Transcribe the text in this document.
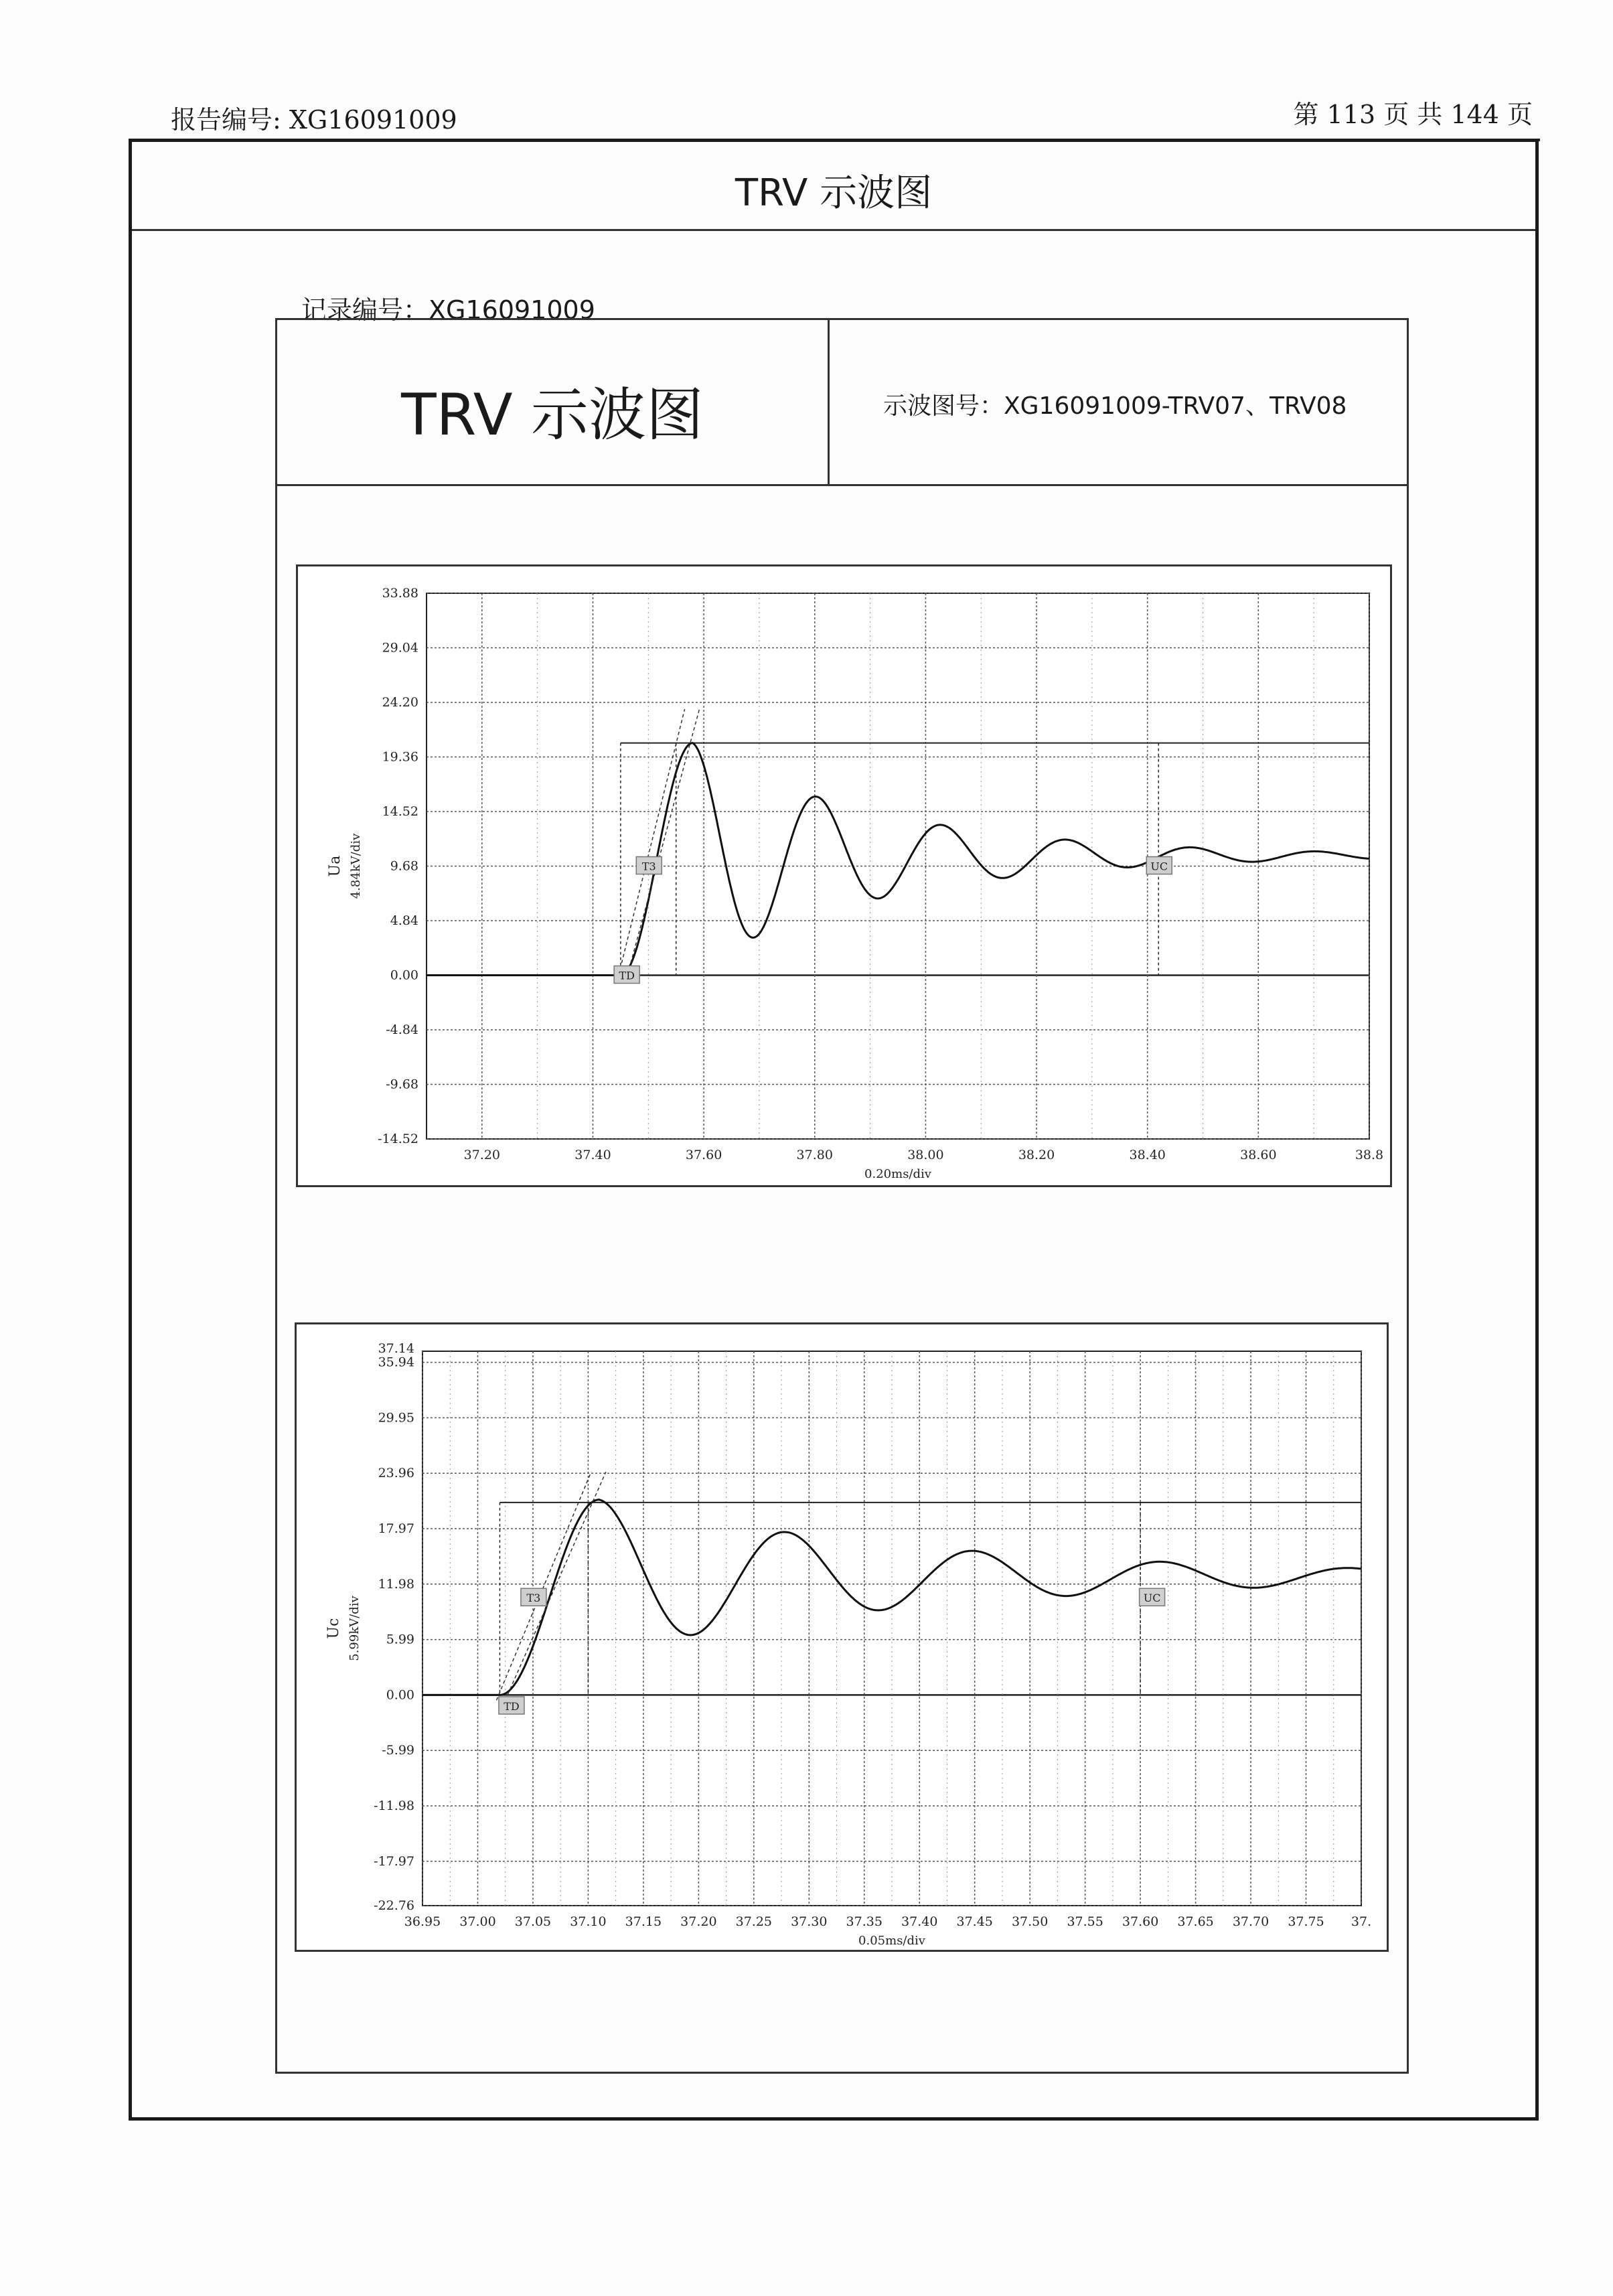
报告编号: XG16091009	第 113 页 共 144 页
TRV 示波图
记录编号：XG16091009
TRV 示波图	示波图号：XG16091009-TRV07、TRV08
33.88
29.04
24.20
19.36
14.52
9.68
4.84
0.00
-4.84
-9.68
-14.52
37.20	37.40	37.60	37.80	38.00	38.20	38.40	38.60	38.8
0.20ms/div
Ua 4.84kV/div	T3
TD
UC
35.94
29.95
23.96
17.97
11.98
5.99
0.00
-5.99
-11.98
-17.97
-22.76
37.14
36.95 37.00 37.05 37.10 37.15 37.20 37.25 37.30 37.35 37.40 37.45 37.50 37.55 37.60 37.65 37.70 37.75 37.
0.05ms/div
Uc 5.99kV/div	T3
TD
UC
